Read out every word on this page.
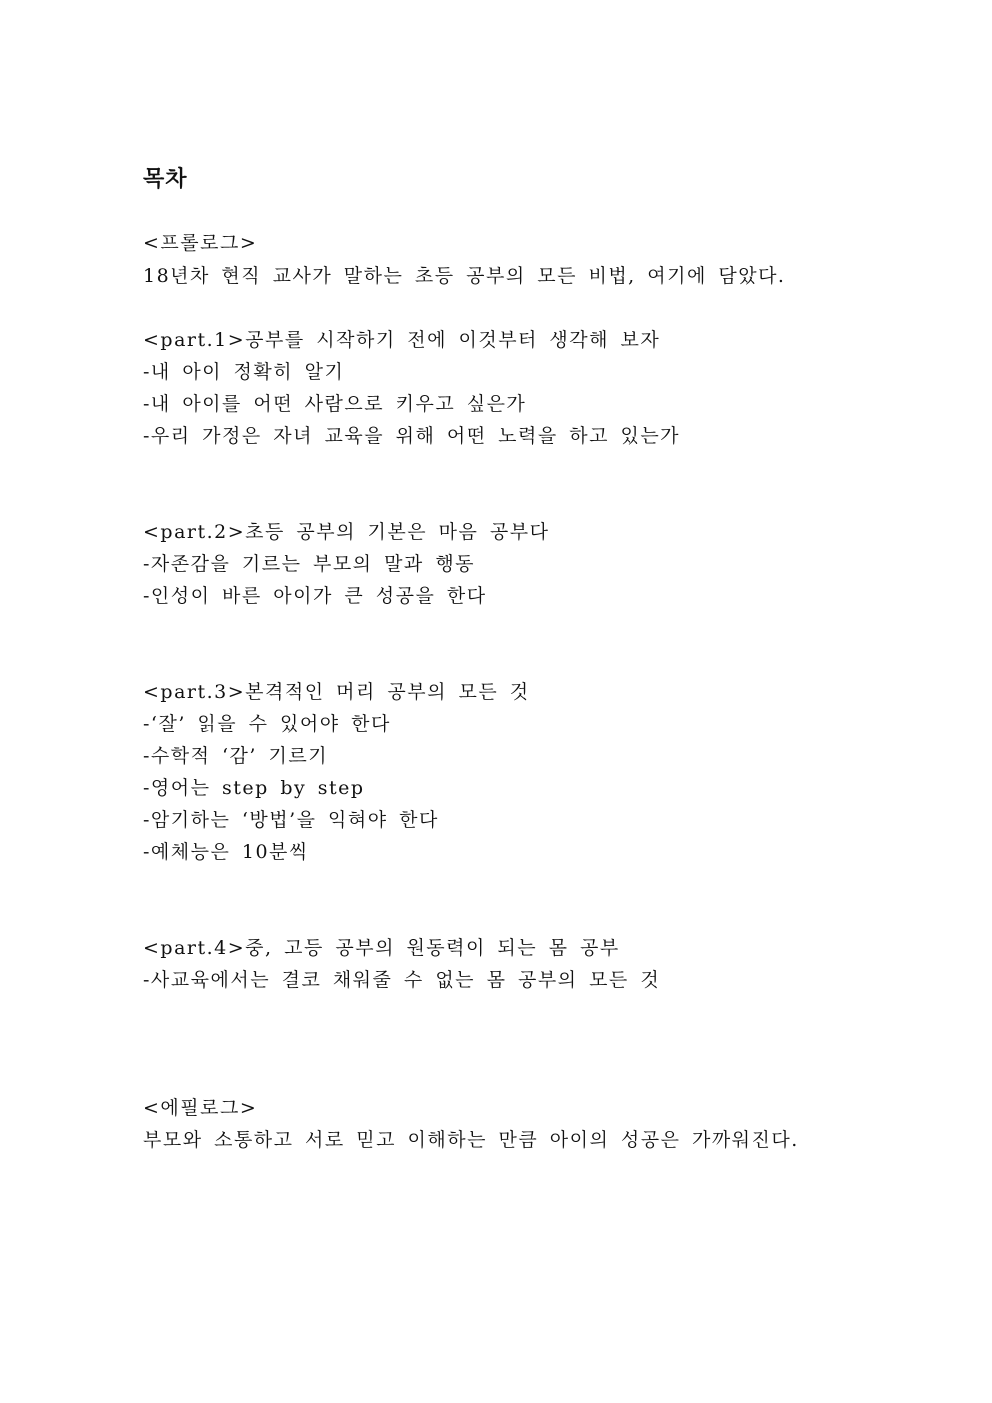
목차

<프롤로그>

18년차 현직 교사가 말하는 초등 공부의 모든 비법, 여기에 담았다.

<part.1>공부를 시작하기 전에 이것부터 생각해 보자

-내 아이 정확히 알기

-내 아이를 어떤 사람으로 키우고 싶은가

-우리 가정은 자녀 교육을 위해 어떤 노력을 하고 있는가

<part.2>초등 공부의 기본은 마음 공부다

-자존감을 기르는 부모의 말과 행동

-인성이 바른 아이가 큰 성공을 한다

<part.3>본격적인 머리 공부의 모든 것

-‘잘’ 읽을 수 있어야 한다

-수학적 ‘감’ 기르기

-영어는 step by step

-암기하는 ‘방법’을 익혀야 한다

-예체능은 10분씩

<part.4>중, 고등 공부의 원동력이 되는 몸 공부

-사교육에서는 결코 채워줄 수 없는 몸 공부의 모든 것

<에필로그>

부모와 소통하고 서로 믿고 이해하는 만큼 아이의 성공은 가까워진다.
